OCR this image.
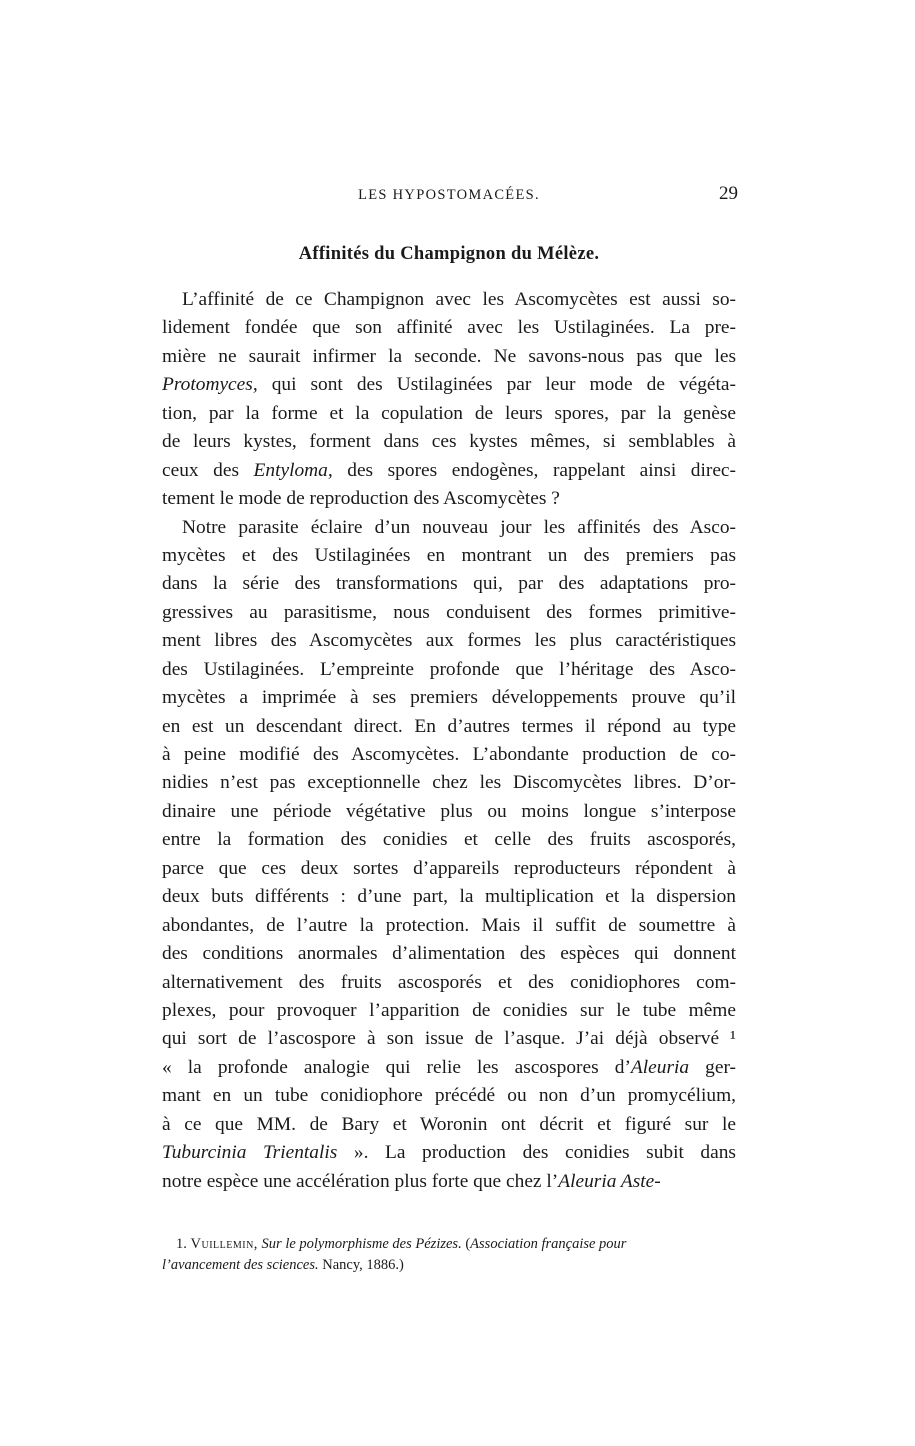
LES HYPOSTOMACÉES.	29
Affinités du Champignon du Mélèze.
L’affinité de ce Champignon avec les Ascomycètes est aussi so-
lidement fondée que son affinité avec les Ustilaginées. La pre-
mière ne saurait infirmer la seconde. Ne savons-nous pas que les
Protomyces, qui sont des Ustilaginées par leur mode de végéta-
tion, par la forme et la copulation de leurs spores, par la genèse
de leurs kystes, forment dans ces kystes mêmes, si semblables à
ceux des Entyloma, des spores endogènes, rappelant ainsi direc-
tement le mode de reproduction des Ascomycètes ?
Notre parasite éclaire d’un nouveau jour les affinités des Asco-
mycètes et des Ustilaginées en montrant un des premiers pas
dans la série des transformations qui, par des adaptations pro-
gressives au parasitisme, nous conduisent des formes primitive-
ment libres des Ascomycètes aux formes les plus caractéristiques
des Ustilaginées. L’empreinte profonde que l’héritage des Asco-
mycètes a imprimée à ses premiers développements prouve qu’il
en est un descendant direct. En d’autres termes il répond au type
à peine modifié des Ascomycètes. L’abondante production de co-
nidies n’est pas exceptionnelle chez les Discomycètes libres. D’or-
dinaire une période végétative plus ou moins longue s’interpose
entre la formation des conidies et celle des fruits ascosporés,
parce que ces deux sortes d’appareils reproducteurs répondent à
deux buts différents : d’une part, la multiplication et la dispersion
abondantes, de l’autre la protection. Mais il suffit de soumettre à
des conditions anormales d’alimentation des espèces qui donnent
alternativement des fruits ascosporés et des conidiophores com-
plexes, pour provoquer l’apparition de conidies sur le tube même
qui sort de l’ascospore à son issue de l’asque. J’ai déjà observé ¹
« la profonde analogie qui relie les ascospores d’Aleuria ger-
mant en un tube conidiophore précédé ou non d’un promycélium,
à ce que MM. de Bary et Woronin ont décrit et figuré sur le
Tuburcinia Trientalis ». La production des conidies subit dans
notre espèce une accélération plus forte que chez l’Aleuria Aste-
1. Vuillemin, Sur le polymorphisme des Pézizes. (Association française pour
l’avancement des sciences. Nancy, 1886.)
